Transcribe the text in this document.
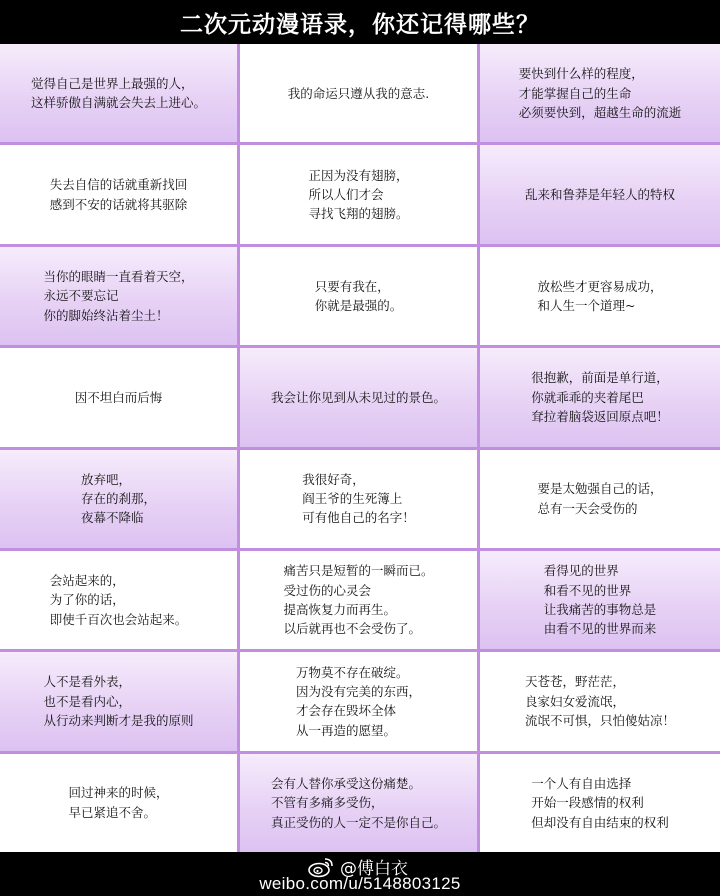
二次元动漫语录，你还记得哪些？
觉得自己是世界上最强的人，
这样骄傲自满就会失去上进心。
我的命运只遵从我的意志.
要快到什么样的程度，
才能掌握自己的生命
必须要快到，超越生命的流逝
失去自信的话就重新找回
感到不安的话就将其驱除
正因为没有翅膀，
所以人们才会
寻找飞翔的翅膀。
乱来和鲁莽是年轻人的特权
当你的眼睛一直看着天空，
永远不要忘记
你的脚始终沾着尘土！
只要有我在，
你就是最强的。
放松些才更容易成功，
和人生一个道理~
因不坦白而后悔	我会让你见到从未见过的景色。
很抱歉，前面是单行道，
你就乖乖的夹着尾巴
耷拉着脑袋返回原点吧！
放弃吧，
存在的刹那，
夜幕不降临
我很好奇，
阎王爷的生死簿上
可有他自己的名字！
要是太勉强自己的话，
总有一天会受伤的
会站起来的，
为了你的话，
即使千百次也会站起来。
痛苦只是短暂的一瞬而已。
受过伤的心灵会
提高恢复力而再生。
以后就再也不会受伤了。
看得见的世界
和看不见的世界
让我痛苦的事物总是
由看不见的世界而来
人不是看外表，
也不是看内心，
从行动来判断才是我的原则
万物莫不存在破绽。
因为没有完美的东西，
才会存在毁坏全体
从一再造的愿望。
天苍苍，野茫茫，
良家妇女爱流氓，
流氓不可惧，只怕傻姑凉！
回过神来的时候，
早已紧追不舍。
会有人替你承受这份痛楚。
不管有多痛多受伤，
真正受伤的人一定不是你自己。
一个人有自由选择
开始一段感情的权利
但却没有自由结束的权利
@傅白衣
weibo.com/u/5148803125
